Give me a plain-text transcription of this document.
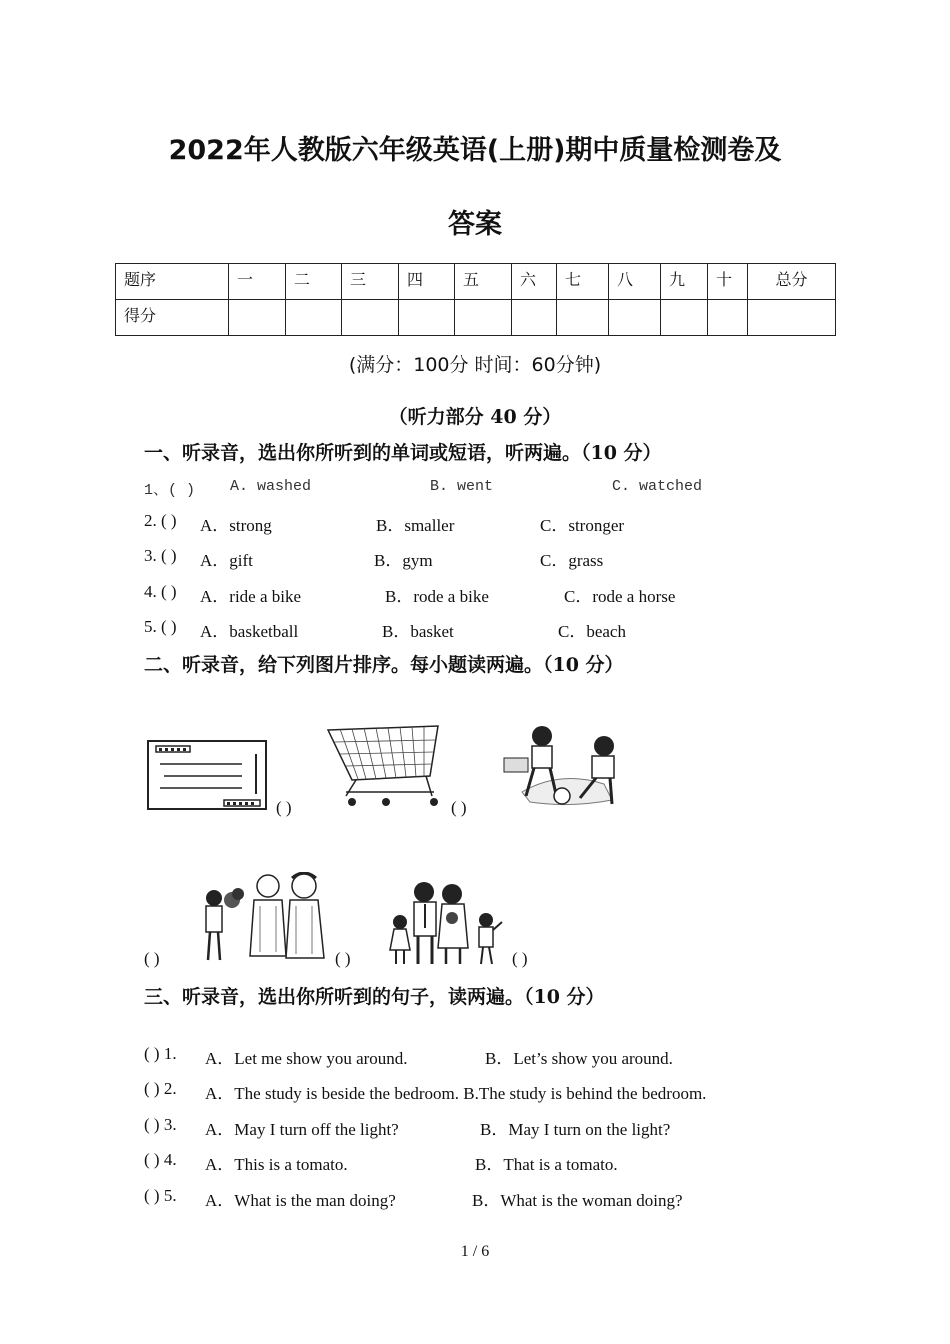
2022年人教版六年级英语(上册)期中质量检测卷及
答案
题序	一	二	三	四	五	六	七	八	九	十	总分
得分											
(满分：100分 时间：60分钟)
（听力部分 40 分）
一、听录音，选出你所听到的单词或短语，听两遍。（10 分）
1、( ) A. washed	B. went	C. watched
2. ( ) A．strong	B．smaller	C．stronger
3. ( ) A．gift	B．gym	C．grass
4. ( ) A．ride a bike	B．rode a bike	C．rode a horse
5. ( ) A．basketball	B．basket	C．beach
二、听录音，给下列图片排序。每小题读两遍。（10 分）
( )	( )
( )	( )	( )
三、听录音，选出你所听到的句子，读两遍。（10 分）
( ) 1. A．Let me show you around.	B．Let’s show you around.
( ) 2. A．The study is beside the bedroom. B.The study is behind the bedroom.
( ) 3. A．May I turn off the light?	B．May I turn on the light?
( ) 4. A．This is a tomato.	B．That is a tomato.
( ) 5. A．What is the man doing?	B．What is the woman doing?
1 / 6
